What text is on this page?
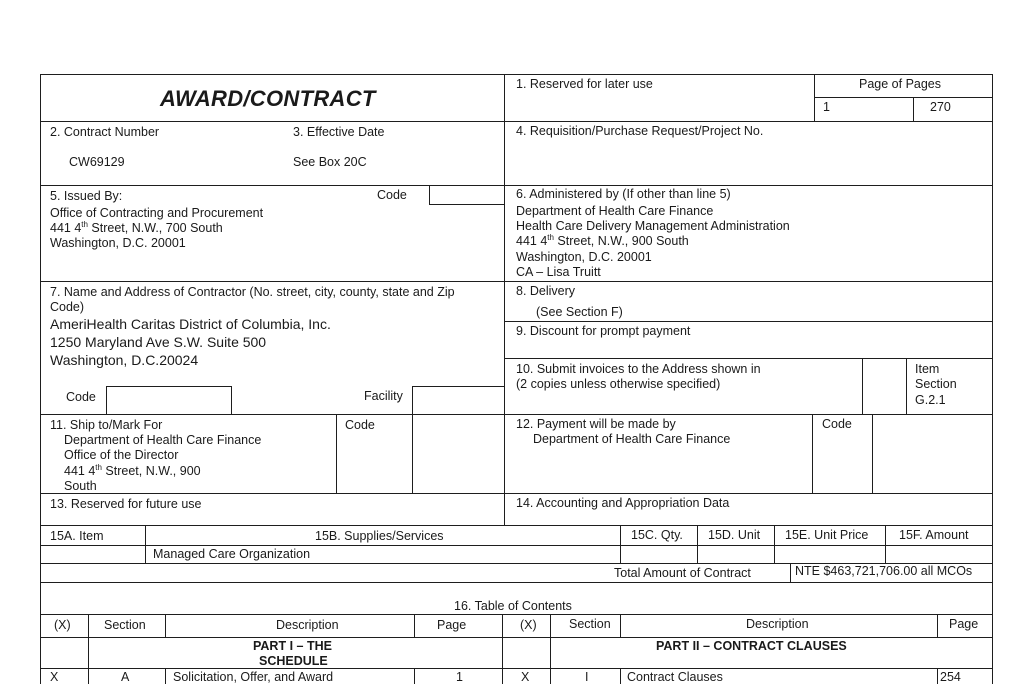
AWARD/CONTRACT
1. Reserved for later use	Page of Pages
1	270
2. Contract Number
CW69129
3. Effective Date
See Box 20C
4. Requisition/Purchase Request/Project No.
5. Issued By:	Code
Office of Contracting and Procurement
441 4th Street, N.W., 700 South
Washington, D.C. 20001
6. Administered by (If other than line 5)
Department of Health Care Finance
Health Care Delivery Management Administration
441 4th Street, N.W., 900 South
Washington, D.C. 20001
CA – Lisa Truitt
7. Name and Address of Contractor (No. street, city, county, state and Zip
Code)
AmeriHealth Caritas District of Columbia, Inc.
1250 Maryland Ave S.W. Suite 500
Washington, D.C.20024
Code	Facility
8. Delivery
(See Section F)
9. Discount for prompt payment
10. Submit invoices to the Address shown in
(2 copies unless otherwise specified)
Item
Section
G.2.1
11. Ship to/Mark For	Code
Department of Health Care Finance
Office of the Director
441 4th Street, N.W., 900
South
12. Payment will be made by
Department of Health Care Finance
Code
13. Reserved for future use	14. Accounting and Appropriation Data
15A. Item	15B. Supplies/Services	15C. Qty. 15D. Unit 15E. Unit Price 15F. Amount
Managed Care Organization
Total Amount of Contract	NTE $463,721,706.00 all MCOs
16. Table of Contents
(X)	Section	Description	Page	(X)	Section	Description	Page
PART I – THE
SCHEDULE
PART II – CONTRACT CLAUSES
X	A	Solicitation, Offer, and Award	1	X	I	Contract Clauses	254
